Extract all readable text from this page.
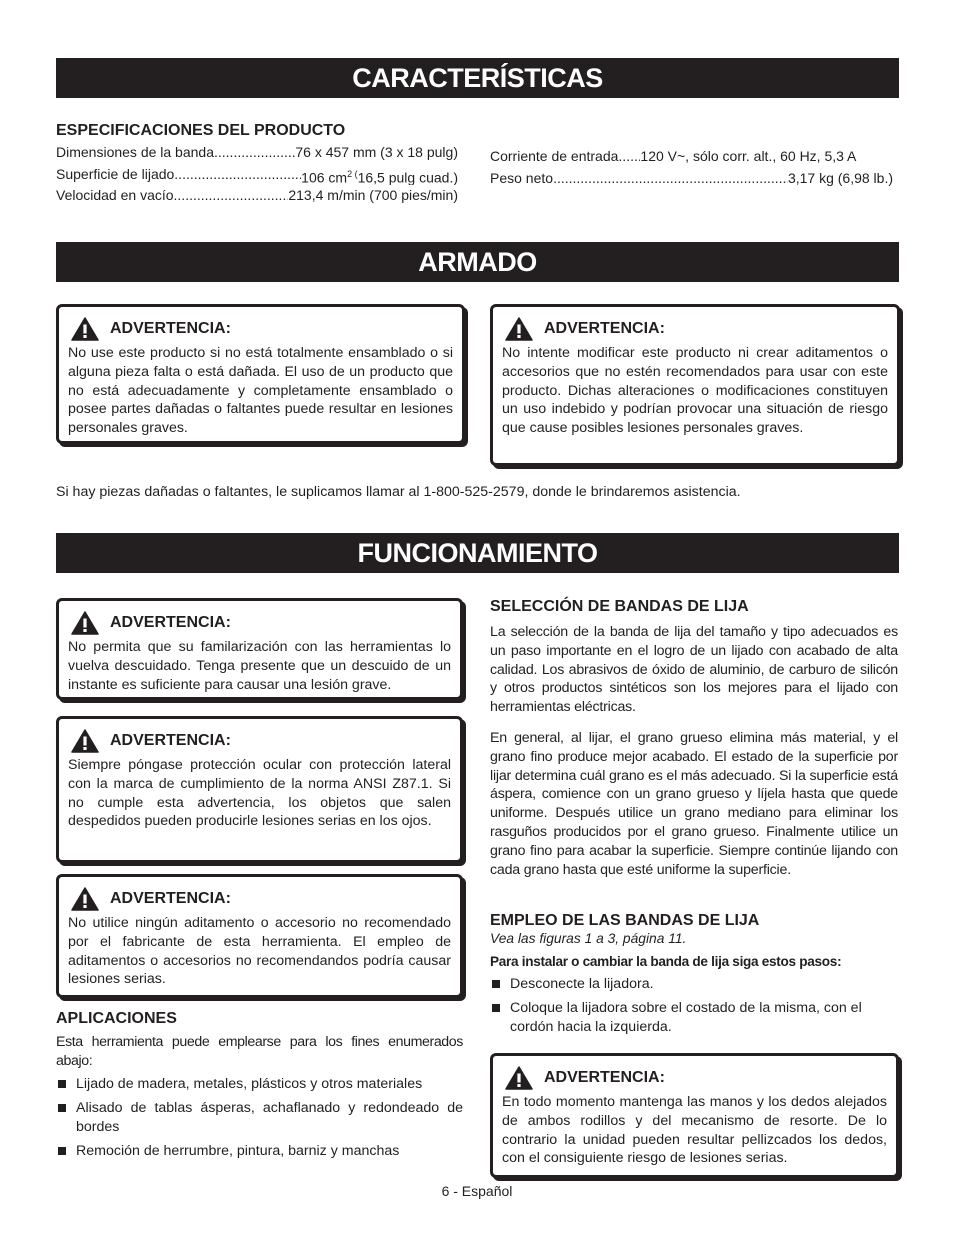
CARACTERÍSTICAS
ESPECIFICACIONES DEL PRODUCTO
Dimensiones de la banda .....	76 x 457 mm (3 x 18 pulg)
Superficie de lijado .....	106 $cm^{2 (}16,5$ pulg cuad.)
Velocidad en vacío .....	213,4 m/min (700 pies/min)
Corriente de entrada ..... 120 V~, sólo corr. alt., 60 Hz, 5,3 A
Peso neto .....	3,17 kg (6,98 lb.)
ARMADO
ADVERTENCIA:

No use este producto si no está totalmente ensamblado o si alguna pieza falta o está dañada. El uso de un producto que no está adecuadamente y completamente ensamblado o posee partes dañadas o faltantes puede resultar en lesiones personales graves.

ADVERTENCIA:

No intente modificar este producto ni crear aditamentos o accesorios que no estén recomendados para usar con este producto. Dichas alteraciones o modificaciones constituyen un uso indebido y podrían provocar una situación de riesgo que cause posibles lesiones personales graves.

Si hay piezas dañadas o faltantes, le suplicamos llamar al 1-800-525-2579, donde le brindaremos asistencia.
FUNCIONAMIENTO
ADVERTENCIA:

No permita que su familarización con las herramientas lo vuelva descuidado. Tenga presente que un descuido de un instante es suficiente para causar una lesión grave.

ADVERTENCIA:

Siempre póngase protección ocular con protección lateral con la marca de cumplimiento de la norma ANSI Z87.1. Si no cumple esta advertencia, los objetos que salen despedidos pueden producirle lesiones serias en los ojos.

ADVERTENCIA:

No utilice ningún aditamento o accesorio no recomendado por el fabricante de esta herramienta. El empleo de aditamentos o accesorios no recomendandos podría causar lesiones serias.

APLICACIONES

Esta herramienta puede emplearse para los fines enumerados abajo:

Lijado de madera, metales, plásticos y otros materiales
Alisado de tablas ásperas, achaflanado y redondeado de bordes
Remoción de herrumbre, pintura, barniz y manchas
SELECCIÓN DE BANDAS DE LIJA

La selección de la banda de lija del tamaño y tipo adecuados es un paso importante en el logro de un lijado con acabado de alta calidad. Los abrasivos de óxido de aluminio, de carburo de silicón y otros productos sintéticos son los mejores para el lijado con herramientas eléctricas.

En general, al lijar, el grano grueso elimina más material, y el grano fino produce mejor acabado. El estado de la superficie por lijar determina cuál grano es el más adecuado. Si la superficie está áspera, comience con un grano grueso y líjela hasta que quede uniforme. Después utilice un grano mediano para eliminar los rasguños producidos por el grano grueso. Finalmente utilice un grano fino para acabar la superficie. Siempre continúe lijando con cada grano hasta que esté uniforme la superficie.

EMPLEO DE LAS BANDAS DE LIJA
Vea las figuras 1 a 3, página 11.
Para instalar o cambiar la banda de lija siga estos pasos:
Desconecte la lijadora.
Coloque la lijadora sobre el costado de la misma, con el cordón hacia la izquierda.
ADVERTENCIA:

En todo momento mantenga las manos y los dedos alejados de ambos rodillos y del mecanismo de resorte. De lo contrario la unidad pueden resultar pellizcados los dedos, con el consiguiente riesgo de lesiones serias.

6 - Español
